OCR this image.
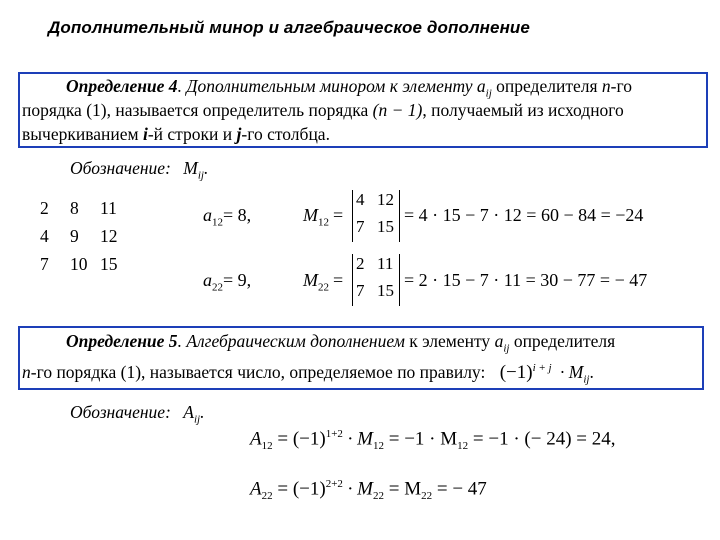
Дополнительный минор и алгебраическое дополнение
Определение 4. Дополнительным минором к элементу $a_{ij}$ определителя n-го
порядка (1), называется определитель порядка (n − 1), получаемый из исходного
вычеркиванием i-й строки и j-го столбца.
Обозначение: $M_{ij}$.
2	8	11
4	9	12
7	10 15
$a_{12}= 8$,	$M_{12}$ =
4 12
7 15
= 4 · 15 − 7 · 12 = 60 − 84 = −24
$a_{22}= 9$,	$M_{22}$ =
2 11
7 15
= 2 · 15 − 7 · 11 = 30 − 77 = − 47
Определение 5. Алгебраическим дополнением к элементу $a_{ij}$ определителя
n-го порядка (1), называется число, определяемое по правилу: $(-1)^{i + j} \cdot M_{ij}$.
Обозначение: $A_{ij}$.
$A_{12} = (-1)^{1+2} \cdot M_{12} = -1 \cdot M_{12} = -1$ · (− 24) = 24,
$A_{22} = (-1)^{2+2} \cdot M_{22} = M_{22}$ = − 47
